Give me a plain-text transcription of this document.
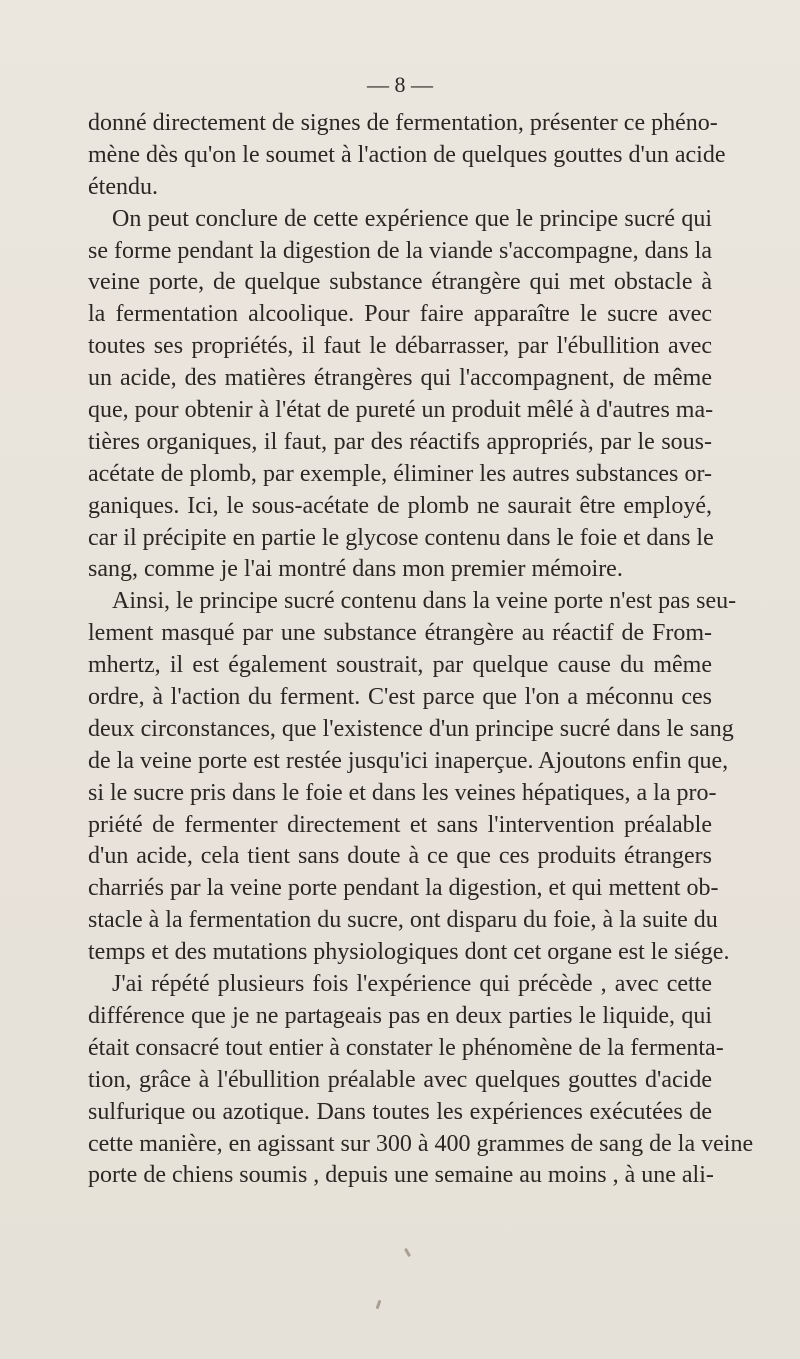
— 8 —
donné directement de signes de fermentation, présenter ce phéno-
mène dès qu'on le soumet à l'action de quelques gouttes d'un acide
étendu.
On peut conclure de cette expérience que le principe sucré qui
se forme pendant la digestion de la viande s'accompagne, dans la
veine porte, de quelque substance étrangère qui met obstacle à
la fermentation alcoolique. Pour faire apparaître le sucre avec
toutes ses propriétés, il faut le débarrasser, par l'ébullition avec
un acide, des matières étrangères qui l'accompagnent, de même
que, pour obtenir à l'état de pureté un produit mêlé à d'autres ma-
tières organiques, il faut, par des réactifs appropriés, par le sous-
acétate de plomb, par exemple, éliminer les autres substances or-
ganiques. Ici, le sous-acétate de plomb ne saurait être employé,
car il précipite en partie le glycose contenu dans le foie et dans le
sang, comme je l'ai montré dans mon premier mémoire.
Ainsi, le principe sucré contenu dans la veine porte n'est pas seu-
lement masqué par une substance étrangère au réactif de From-
mhertz, il est également soustrait, par quelque cause du même
ordre, à l'action du ferment. C'est parce que l'on a méconnu ces
deux circonstances, que l'existence d'un principe sucré dans le sang
de la veine porte est restée jusqu'ici inaperçue. Ajoutons enfin que,
si le sucre pris dans le foie et dans les veines hépatiques, a la pro-
priété de fermenter directement et sans l'intervention préalable
d'un acide, cela tient sans doute à ce que ces produits étrangers
charriés par la veine porte pendant la digestion, et qui mettent ob-
stacle à la fermentation du sucre, ont disparu du foie, à la suite du
temps et des mutations physiologiques dont cet organe est le siége.
J'ai répété plusieurs fois l'expérience qui précède , avec cette
différence que je ne partageais pas en deux parties le liquide, qui
était consacré tout entier à constater le phénomène de la fermenta-
tion, grâce à l'ébullition préalable avec quelques gouttes d'acide
sulfurique ou azotique. Dans toutes les expériences exécutées de
cette manière, en agissant sur 300 à 400 grammes de sang de la veine
porte de chiens soumis , depuis une semaine au moins , à une ali-
